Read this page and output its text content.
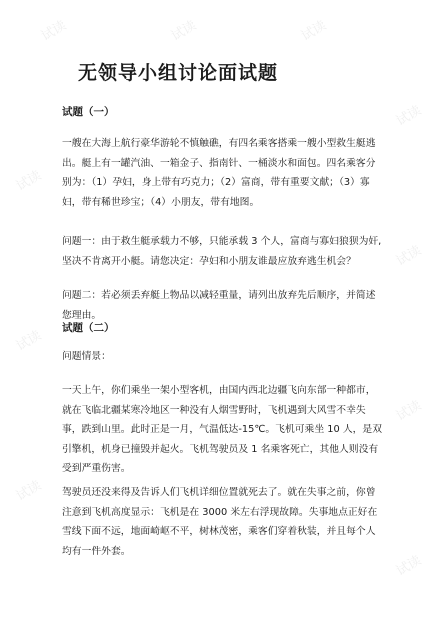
试读	试读	试读
试读
试读
试读
试读
试读
试读
试读
无领导小组讨论面试题
试题（一）
一艘在大海上航行豪华游轮不慎触礁，有四名乘客搭乘一艘小型救生艇逃出。艇上有一罐汽油、一箱金子、指南针、一桶淡水和面包。四名乘客分别为：（1）孕妇，身上带有巧克力；（2）富商，带有重要文献；（3）寡妇，带有稀世珍宝；（4）小朋友，带有地图。
问题一：由于救生艇承载力不够，只能承载 3 个人，富商与寡妇狼狈为奸,坚决不肯离开小艇。请您决定：孕妇和小朋友谁最应放弃逃生机会？
问题二：若必须丢弃艇上物品以减轻重量，请列出放弃先后顺序，并简述您理由。
试题（二）
问题情景：
一天上午，你们乘坐一架小型客机，由国内西北边疆飞向东部一种都市，就在飞临北疆某寒冷地区一种没有人烟雪野时，飞机遇到大风雪不幸失事，跌到山里。此时正是一月，气温低达-15℃。飞机可乘坐 10 人，是双引擎机，机身已撞毁并起火。飞机驾驶员及 1 名乘客死亡，其他人则没有受到严重伤害。
驾驶员还没来得及告诉人们飞机详细位置就死去了。就在失事之前，你曾注意到飞机高度显示：飞机是在 3000 米左右浮现故障。失事地点正好在雪线下面不远，地面崎岖不平，树林茂密，乘客们穿着秋装，并且每个人均有一件外套。
